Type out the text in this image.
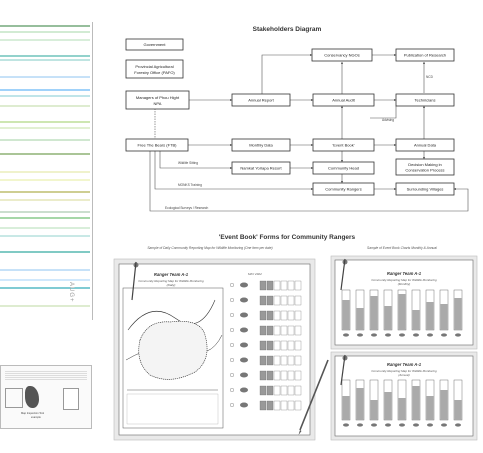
AUG+
Map Inspection Tool
example
Stakeholders Diagram
NCD
Advising
Wildlife Sitting
MONKS Training
Ecological Surveys / Research
Government
Provincial Agricultural
Forestry Office (PAFO)
Managers of Phou Hight
NPA
Free The Bears (FTB)
Conservancy NGOs	Publication of Research
Annual Report	Annual Audit	Technicians
Monthly Data	'Event Book'	Annual Data
Namkat Yorlapa Resort	Community Head
Decision Making in
Conservation Process
Community Rangers	Surrounding Villages
'Event Book' Forms for Community Rangers
Sample of Daily Community Reporting Map for Wildlife Monitoring (One item per date)	Sample of Event Book Charts Monthly & Annual
Ranger Team A-1
Community Reporting Map for Wildlife Monitoring
(Daily)
MAY 2022	Ranger Team A-1
Community Reporting Map for Wildlife Monitoring
(Monthly)
Ranger Team A-1
Community Reporting Map for Wildlife Monitoring
(Annual)
